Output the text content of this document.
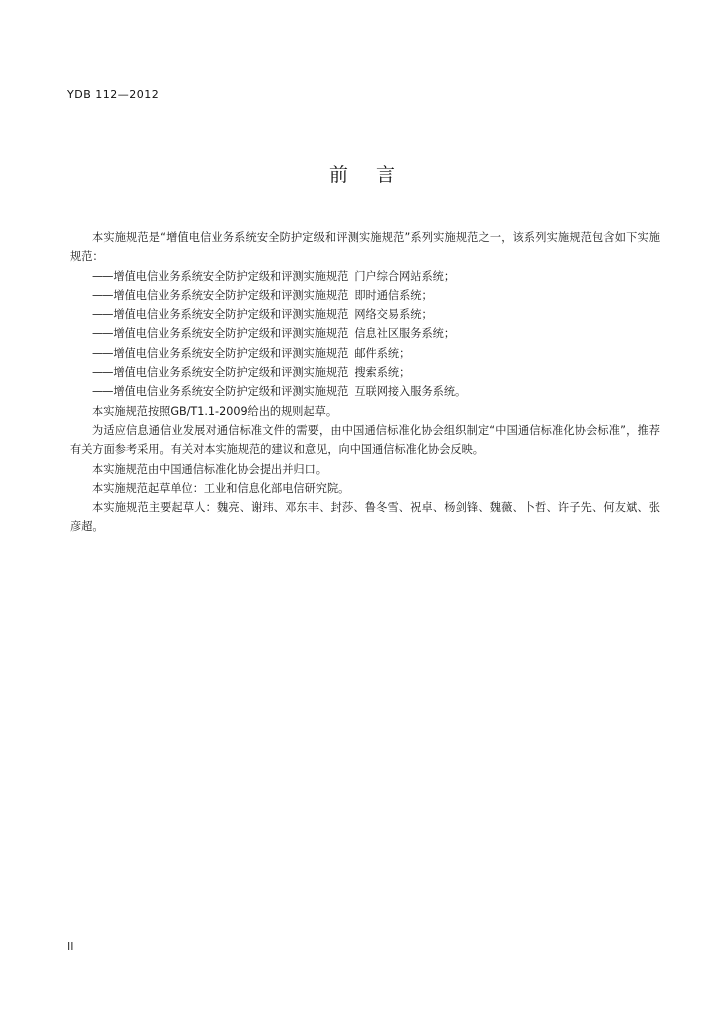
YDB 112—2012
前言

本实施规范是“增值电信业务系统安全防护定级和评测实施规范”系列实施规范之一，该系列实施规范包含如下实施规范：

——增值电信业务系统安全防护定级和评测实施规范 门户综合网站系统；

——增值电信业务系统安全防护定级和评测实施规范 即时通信系统；

——增值电信业务系统安全防护定级和评测实施规范 网络交易系统；

——增值电信业务系统安全防护定级和评测实施规范 信息社区服务系统；

——增值电信业务系统安全防护定级和评测实施规范 邮件系统；

——增值电信业务系统安全防护定级和评测实施规范 搜索系统；

——增值电信业务系统安全防护定级和评测实施规范 互联网接入服务系统。

本实施规范按照GB/T1.1-2009给出的规则起草。

为适应信息通信业发展对通信标准文件的需要，由中国通信标准化协会组织制定“中国通信标准化协会标准”，推荐有关方面参考采用。有关对本实施规范的建议和意见，向中国通信标准化协会反映。

本实施规范由中国通信标准化协会提出并归口。

本实施规范起草单位：工业和信息化部电信研究院。

本实施规范主要起草人：魏亮、谢玮、邓东丰、封莎、鲁冬雪、祝卓、杨剑锋、魏薇、卜哲、许子先、何友斌、张彦超。

II
